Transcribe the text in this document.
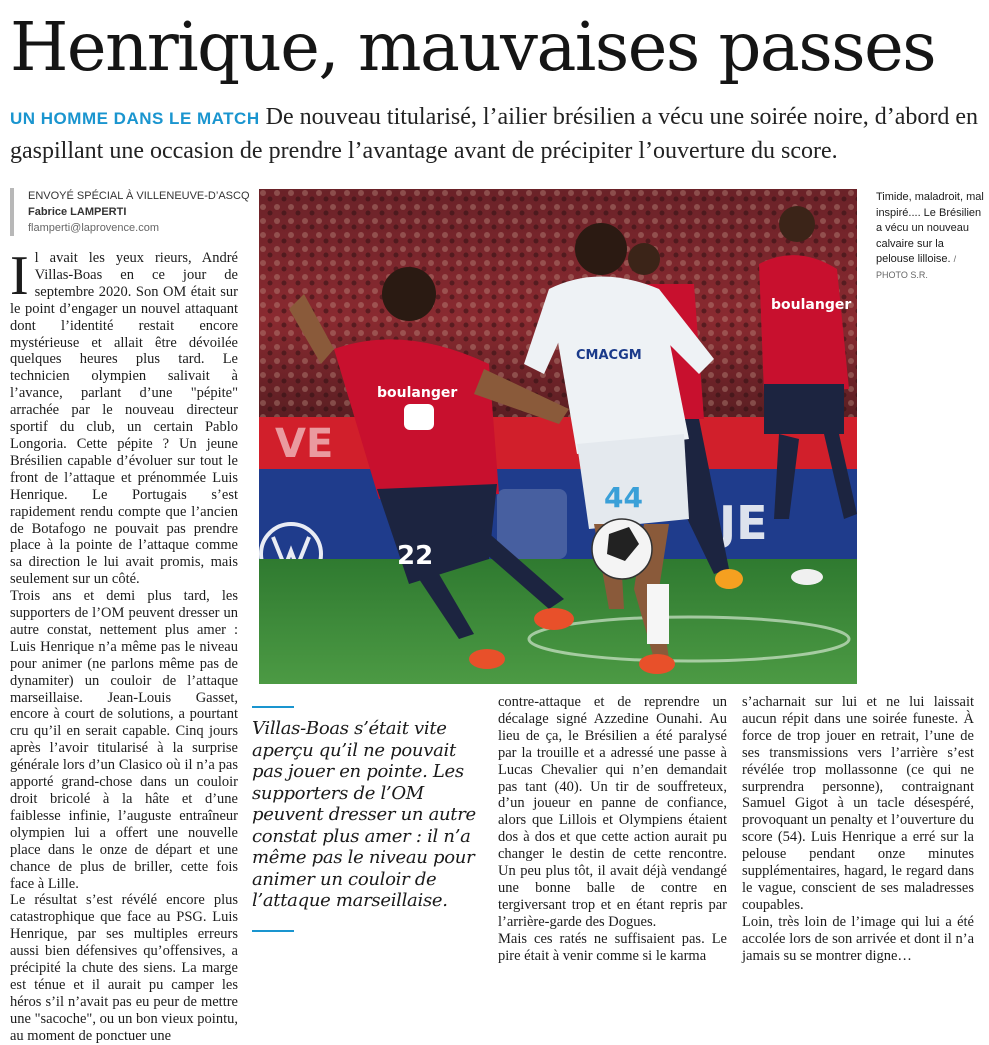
Henrique, mauvaises passes
UN HOMME DANS LE MATCH De nouveau titularisé, l’ailier brésilien a vécu une soirée noire, d’abord en gaspillant une occasion de prendre l’avantage avant de précipiter l’ouverture du score.
ENVOYÉ SPÉCIAL À VILLENEUVE-D’ASCQ
Fabrice LAMPERTI
flamperti@laprovence.com
I l avait les yeux rieurs, André Villas-Boas en ce jour de septembre 2020. Son OM était sur le point d’engager un nouvel attaquant dont l’identité restait encore mystérieuse et allait être dévoilée quelques heures plus tard. Le technicien olympien salivait à l’avance, parlant d’une "pépite" arrachée par le nouveau directeur sportif du club, un certain Pablo Longoria. Cette pépite ? Un jeune Brésilien capable d’évoluer sur tout le front de l’attaque et prénommée Luis Henrique. Le Portugais s’est rapidement rendu compte que l’ancien de Botafogo ne pouvait pas prendre place à la pointe de l’attaque comme sa direction le lui avait promis, mais seulement sur un côté.

Trois ans et demi plus tard, les supporters de l’OM peuvent dresser un autre constat, nettement plus amer : Luis Henrique n’a même pas le niveau pour animer (ne parlons même pas de dynamiter) un couloir de l’attaque marseillaise. Jean-Louis Gasset, encore à court de solutions, a pourtant cru qu’il en serait capable. Cinq jours après l’avoir titularisé à la surprise générale lors d’un Clasico où il n’a pas apporté grand-chose dans un couloir droit bricolé à la hâte et d’une faiblesse infinie, l’auguste entraîneur olympien lui a offert une nouvelle place dans le onze de départ et une chance de plus de briller, cette fois face à Lille.

Le résultat s’est révélé encore plus catastrophique que face au PSG. Luis Henrique, par ses multiples erreurs aussi bien défensives qu’offensives, a précipité la chute des siens. La marge est ténue et il aurait pu camper les héros s’il n’avait pas eu peur de mettre une "sacoche", ou un bon vieux pointu, au moment de ponctuer une

VE
JE
boulanger
CMACGM
44
boulanger
22
Timide, maladroit, mal inspiré.... Le Brésilien a vécu un nouveau calvaire sur la pelouse lilloise. / PHOTO S.R.
Villas-Boas s’était vite aperçu qu’il ne pouvait pas jouer en pointe. Les supporters de l’OM peuvent dresser un autre constat plus amer : il n’a même pas le niveau pour animer un couloir de l’attaque marseillaise.

contre-attaque et de reprendre un décalage signé Azzedine Ounahi. Au lieu de ça, le Brésilien a été paralysé par la trouille et a adressé une passe à Lucas Chevalier qui n’en demandait pas tant (40). Un tir de souffreteux, d’un joueur en panne de confiance, alors que Lillois et Olympiens étaient dos à dos et que cette action aurait pu changer le destin de cette rencontre. Un peu plus tôt, il avait déjà vendangé une bonne balle de contre en tergiversant trop et en étant repris par l’arrière-garde des Dogues.

Mais ces ratés ne suffisaient pas. Le pire était à venir comme si le karma

s’acharnait sur lui et ne lui laissait aucun répit dans une soirée funeste. À force de trop jouer en retrait, l’une de ses transmissions vers l’arrière s’est révélée trop mollassonne (ce qui ne surprendra personne), contraignant Samuel Gigot à un tacle désespéré, provoquant un penalty et l’ouverture du score (54). Luis Henrique a erré sur la pelouse pendant onze minutes supplémentaires, hagard, le regard dans le vague, conscient de ses maladresses coupables.

Loin, très loin de l’image qui lui a été accolée lors de son arrivée et dont il n’a jamais su se montrer digne…
